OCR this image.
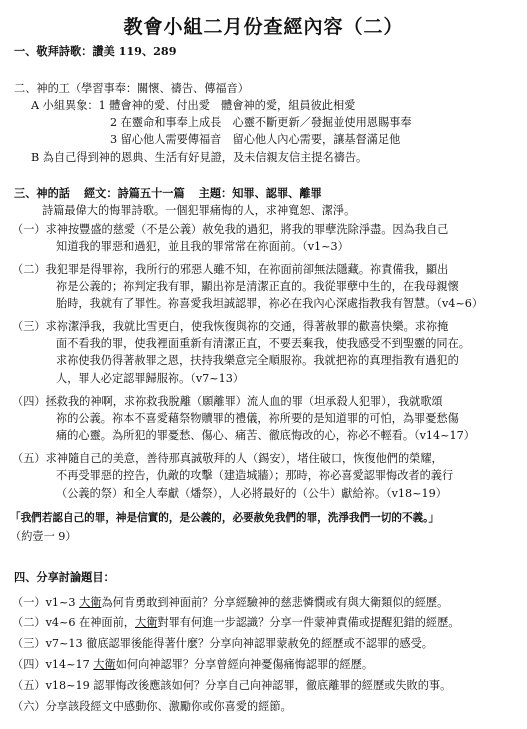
教會小組二月份查經內容（二）
一、敬拜詩歌：讚美 119、289
二、神的工（學習事奉：關懷、禱告、傳福音）
A 小組異象：1 體會神的愛、付出愛　體會神的愛，組員彼此相愛
2 在靈命和事奉上成長　心靈不斷更新／發掘並使用恩賜事奉
3 留心他人需要傳福音　留心他人內心需要，讓基督滿足他
B 為自己得到神的恩典、生活有好見證，及未信親友信主提名禱告。
三、神的話 經文：詩篇五十一篇 主題：知罪、認罪、離罪
詩篇最偉大的悔罪詩歌。一個犯罪痛悔的人，求神寬恕、潔淨。
（一）求神按豐盛的慈愛（不是公義）赦免我的過犯，將我的罪孽洗除淨盡。因為我自己
知道我的罪惡和過犯，並且我的罪常常在祢面前。（v1~3）
（二）我犯罪是得罪祢，我所行的邪惡人雖不知，在祢面前卻無法隱藏。祢責備我，顯出
祢是公義的；祢判定我有罪，顯出祢是清潔正直的。我從罪孽中生的，在我母親懷
胎時，我就有了罪性。祢喜愛我坦誠認罪，祢必在我內心深處指教我有智慧。（v4~6）
（三）求祢潔淨我，我就比雪更白，使我恢復與祢的交通，得著赦罪的歡喜快樂。求祢掩
面不看我的罪，使我裡面重新有清潔正直，不要丟棄我，使我感受不到聖靈的同在。
求祢使我仍得著赦罪之恩，扶持我樂意完全順服祢。我就把祢的真理指教有過犯的
人，罪人必定認罪歸服祢。（v7~13）
（四）拯救我的神啊，求祢救我脫離（願離罪）流人血的罪（坦承殺人犯罪），我就歌頌
祢的公義。祢本不喜愛藉祭物贖罪的禮儀，祢所要的是知道罪的可怕，為罪憂愁傷
痛的心靈。為所犯的罪憂愁、傷心、痛苦、徹底悔改的心，祢必不輕看。（v14~17）
（五）求神隨自己的美意，善待那真誠敬拜的人（錫安），堵住破口，恢復他們的榮耀，
不再受罪惡的控告，仇敵的攻擊（建造城牆）；那時，祢必喜愛認罪悔改者的義行
（公義的祭）和全人奉獻（燔祭），人必將最好的（公牛）獻給祢。（v18~19）
「我們若認自己的罪，神是信實的，是公義的，必要赦免我們的罪，洗淨我們一切的不義。」
（約壹一 9）
四、分享討論題目：
（一）v1~3 大衛為何肯勇敢到神面前？分享經驗神的慈悲憐憫或有與大衛類似的經歷。
（二）v4~6 在神面前，大衛對罪有何進一步認識？分享一件蒙神責備或提醒犯錯的經歷。
（三）v7~13 徹底認罪後能得著什麼？分享向神認罪蒙赦免的經歷或不認罪的感受。
（四）v14~17 大衛如何向神認罪？分享曾經向神憂傷痛悔認罪的經歷。
（五）v18~19 認罪悔改後應該如何？分享自己向神認罪，徹底離罪的經歷或失敗的事。
（六）分享該段經文中感動你、激勵你或你喜愛的經節。
